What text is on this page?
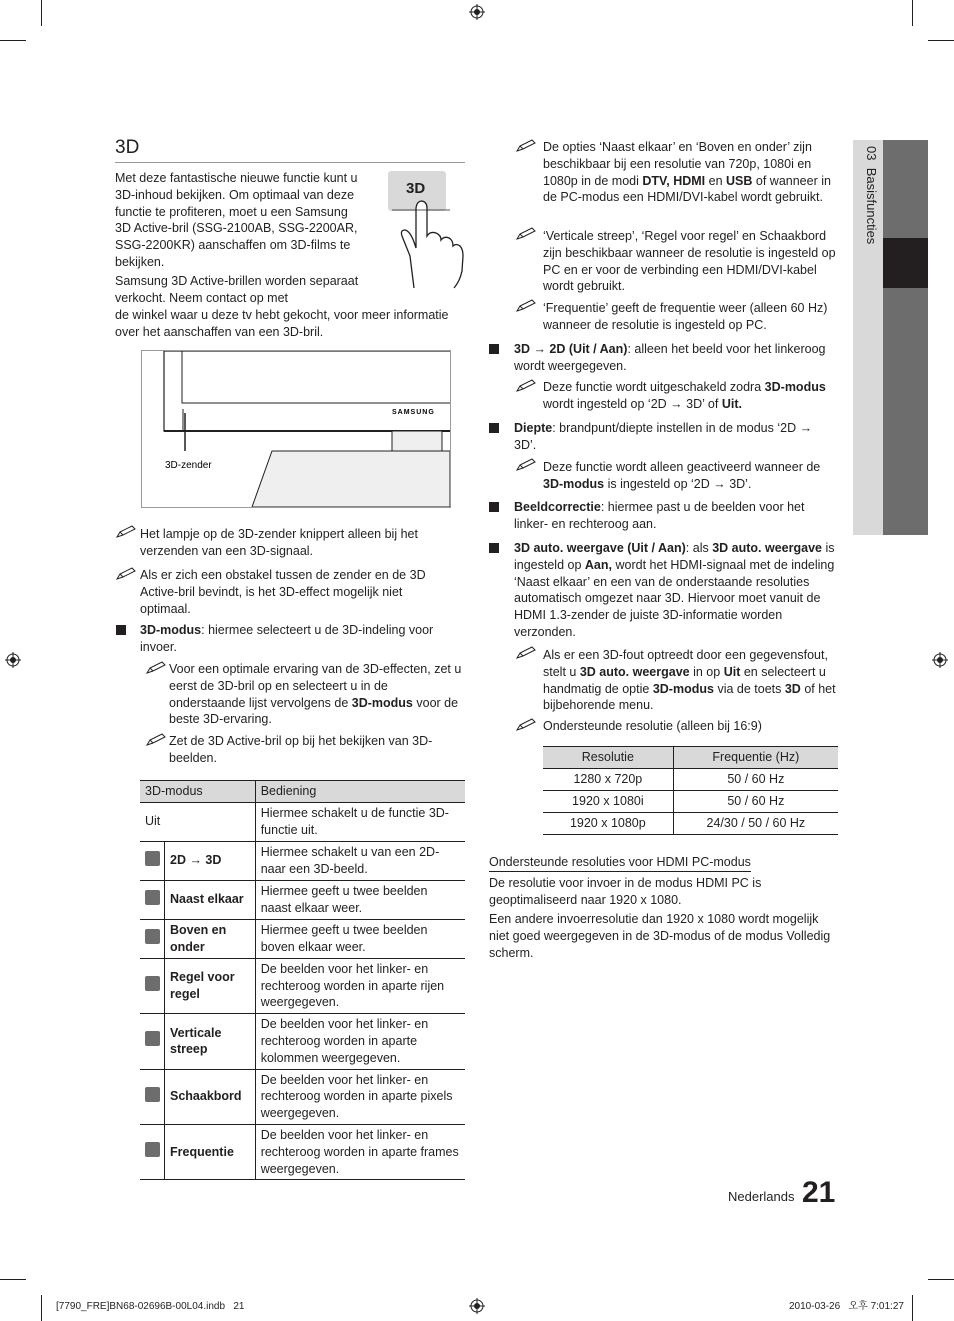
03  Basisfuncties
3D

Met deze fantastische nieuwe functie kunt u 3D-inhoud bekijken. Om optimaal van deze functie te profiteren, moet u een Samsung 3D Active-bril (SSG-2100AB, SSG-2200AR, SSG-2200KR) aanschaffen om 3D-films te bekijken.

Samsung 3D Active-brillen worden separaat verkocht. Neem contact op met

de winkel waar u deze tv hebt gekocht, voor meer informatie over het aanschaffen van een 3D-bril.

3D
SAMSUNG
3D-zender

Het lampje op de 3D-zender knippert alleen bij het verzenden van een 3D-signaal.

Als er zich een obstakel tussen de zender en de 3D Active-bril bevindt, is het 3D-effect mogelijk niet optimaal.

3D-modus: hiermee selecteert u de 3D-indeling voor invoer.

Voor een optimale ervaring van de 3D-effecten, zet u eerst de 3D-bril op en selecteert u in de onderstaande lijst vervolgens de 3D-modus voor de beste 3D-ervaring.

Zet de 3D Active-bril op bij het bekijken van 3D-beelden.

3D-modus		Bediening
Uit		Hiermee schakelt u de functie 3D-functie uit.
	2D → 3D	Hiermee schakelt u van een 2D-naar een 3D-beeld.
	Naast elkaar	Hiermee geeft u twee beelden naast elkaar weer.
	Boven en onder	Hiermee geeft u twee beelden boven elkaar weer.
	Regel voor regel	De beelden voor het linker- en rechteroog worden in aparte rijen weergegeven.
	Verticale streep	De beelden voor het linker- en rechteroog worden in aparte kolommen weergegeven.
	Schaakbord	De beelden voor het linker- en rechteroog worden in aparte pixels weergegeven.
	Frequentie	De beelden voor het linker- en rechteroog worden in aparte frames weergegeven.

De opties ‘Naast elkaar’ en ‘Boven en onder’ zijn beschikbaar bij een resolutie van 720p, 1080i en 1080p in de modi DTV, HDMI en USB of wanneer in de PC-modus een HDMI/DVI-kabel wordt gebruikt.

‘Verticale streep’, ‘Regel voor regel’ en Schaakbord zijn beschikbaar wanneer de resolutie is ingesteld op PC en er voor de verbinding een HDMI/DVI-kabel wordt gebruikt.

‘Frequentie’ geeft de frequentie weer (alleen 60 Hz) wanneer de resolutie is ingesteld op PC.

3D → 2D (Uit / Aan): alleen het beeld voor het linkeroog wordt weergegeven.

Deze functie wordt uitgeschakeld zodra 3D-modus wordt ingesteld op ‘2D → 3D’ of Uit.

Diepte: brandpunt/diepte instellen in de modus ‘2D → 3D’.

Deze functie wordt alleen geactiveerd wanneer de 3D-modus is ingesteld op ‘2D → 3D’.

Beeldcorrectie: hiermee past u de beelden voor het linker- en rechteroog aan.

3D auto. weergave (Uit / Aan): als 3D auto. weergave is ingesteld op Aan, wordt het HDMI-signaal met de indeling ‘Naast elkaar’ en een van de onderstaande resoluties automatisch omgezet naar 3D. Hiervoor moet vanuit de HDMI 1.3-zender de juiste 3D-informatie worden verzonden.

Als er een 3D-fout optreedt door een gegevensfout, stelt u 3D auto. weergave in op Uit en selecteert u handmatig de optie 3D-modus via de toets 3D of het bijbehorende menu.

Ondersteunde resolutie (alleen bij 16:9)

Resolutie	Frequentie (Hz)
1280 x 720p	50 / 60 Hz
1920 x 1080i	50 / 60 Hz
1920 x 1080p	24/30 / 50 / 60 Hz

Ondersteunde resoluties voor HDMI PC-modus

De resolutie voor invoer in de modus HDMI PC is geoptimaliseerd naar 1920 x 1080.

Een andere invoerresolutie dan 1920 x 1080 wordt mogelijk niet goed weergegeven in de 3D-modus of de modus Volledig scherm.

Nederlands 21
[7790_FRE]BN68-02696B-00L04.indb   21	2010-03-26   오후 7:01:27
